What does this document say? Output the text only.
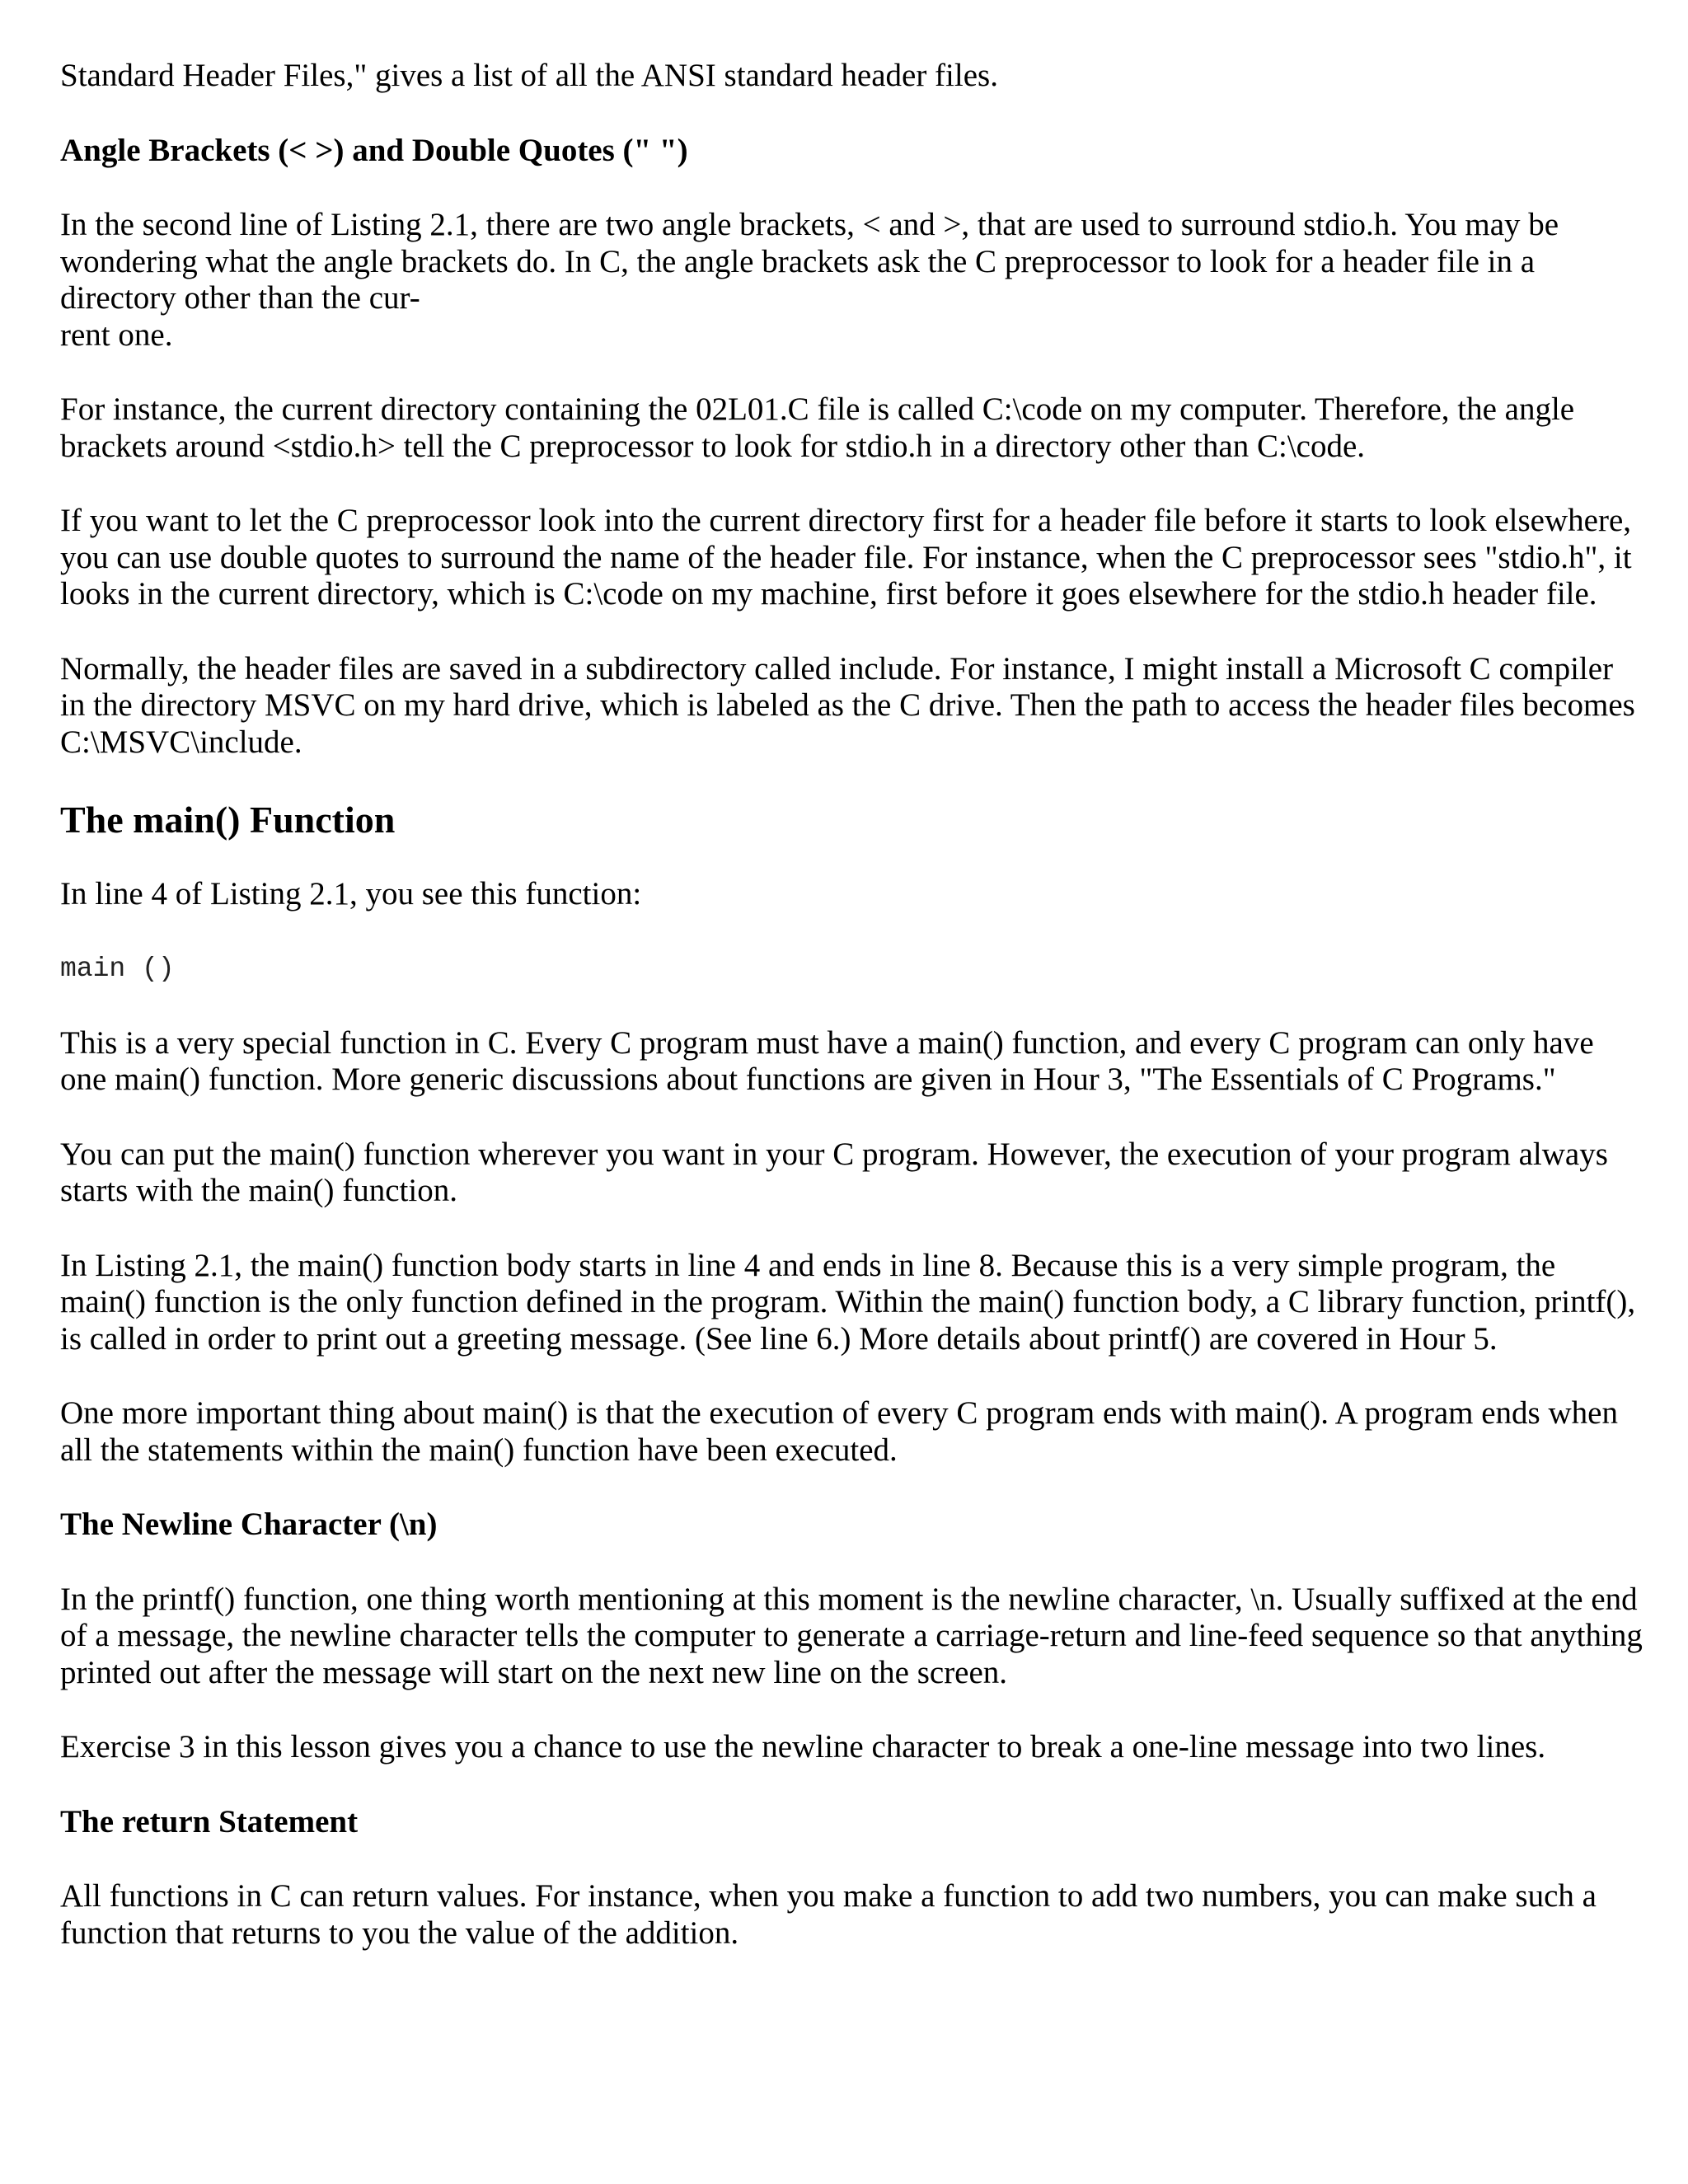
Standard Header Files," gives a list of all the ANSI standard header files.

Angle Brackets (< >) and Double Quotes (" ")

In the second line of Listing 2.1, there are two angle brackets, < and >, that are used to surround stdio.h. You may be wondering what the angle brackets do. In C, the angle brackets ask the C preprocessor to look for a header file in a directory other than the cur-
rent one.

For instance, the current directory containing the 02L01.C file is called C:\code on my computer. Therefore, the angle brackets around <stdio.h> tell the C preprocessor to look for stdio.h in a directory other than C:\code.

If you want to let the C preprocessor look into the current directory first for a header file before it starts to look elsewhere, you can use double quotes to surround the name of the header file. For instance, when the C preprocessor sees "stdio.h", it looks in the current directory, which is C:\code on my machine, first before it goes elsewhere for the stdio.h header file.

Normally, the header files are saved in a subdirectory called include. For instance, I might install a Microsoft C compiler in the directory MSVC on my hard drive, which is labeled as the C drive. Then the path to access the header files becomes C:\MSVC\include.

The main() Function

In line 4 of Listing 2.1, you see this function:

main ()

This is a very special function in C. Every C program must have a main() function, and every C program can only have one main() function. More generic discussions about functions are given in Hour 3, "The Essentials of C Programs."

You can put the main() function wherever you want in your C program. However, the execution of your program always starts with the main() function.

In Listing 2.1, the main() function body starts in line 4 and ends in line 8. Because this is a very simple program, the main() function is the only function defined in the program. Within the main() function body, a C library function, printf(), is called in order to print out a greeting message. (See line 6.) More details about printf() are covered in Hour 5.

One more important thing about main() is that the execution of every C program ends with main(). A program ends when all the statements within the main() function have been executed.

The Newline Character (\n)

In the printf() function, one thing worth mentioning at this moment is the newline character, \n. Usually suffixed at the end of a message, the newline character tells the computer to generate a carriage-return and line-feed sequence so that anything printed out after the message will start on the next new line on the screen.

Exercise 3 in this lesson gives you a chance to use the newline character to break a one-line message into two lines.

The return Statement

All functions in C can return values. For instance, when you make a function to add two numbers, you can make such a function that returns to you the value of the addition.
